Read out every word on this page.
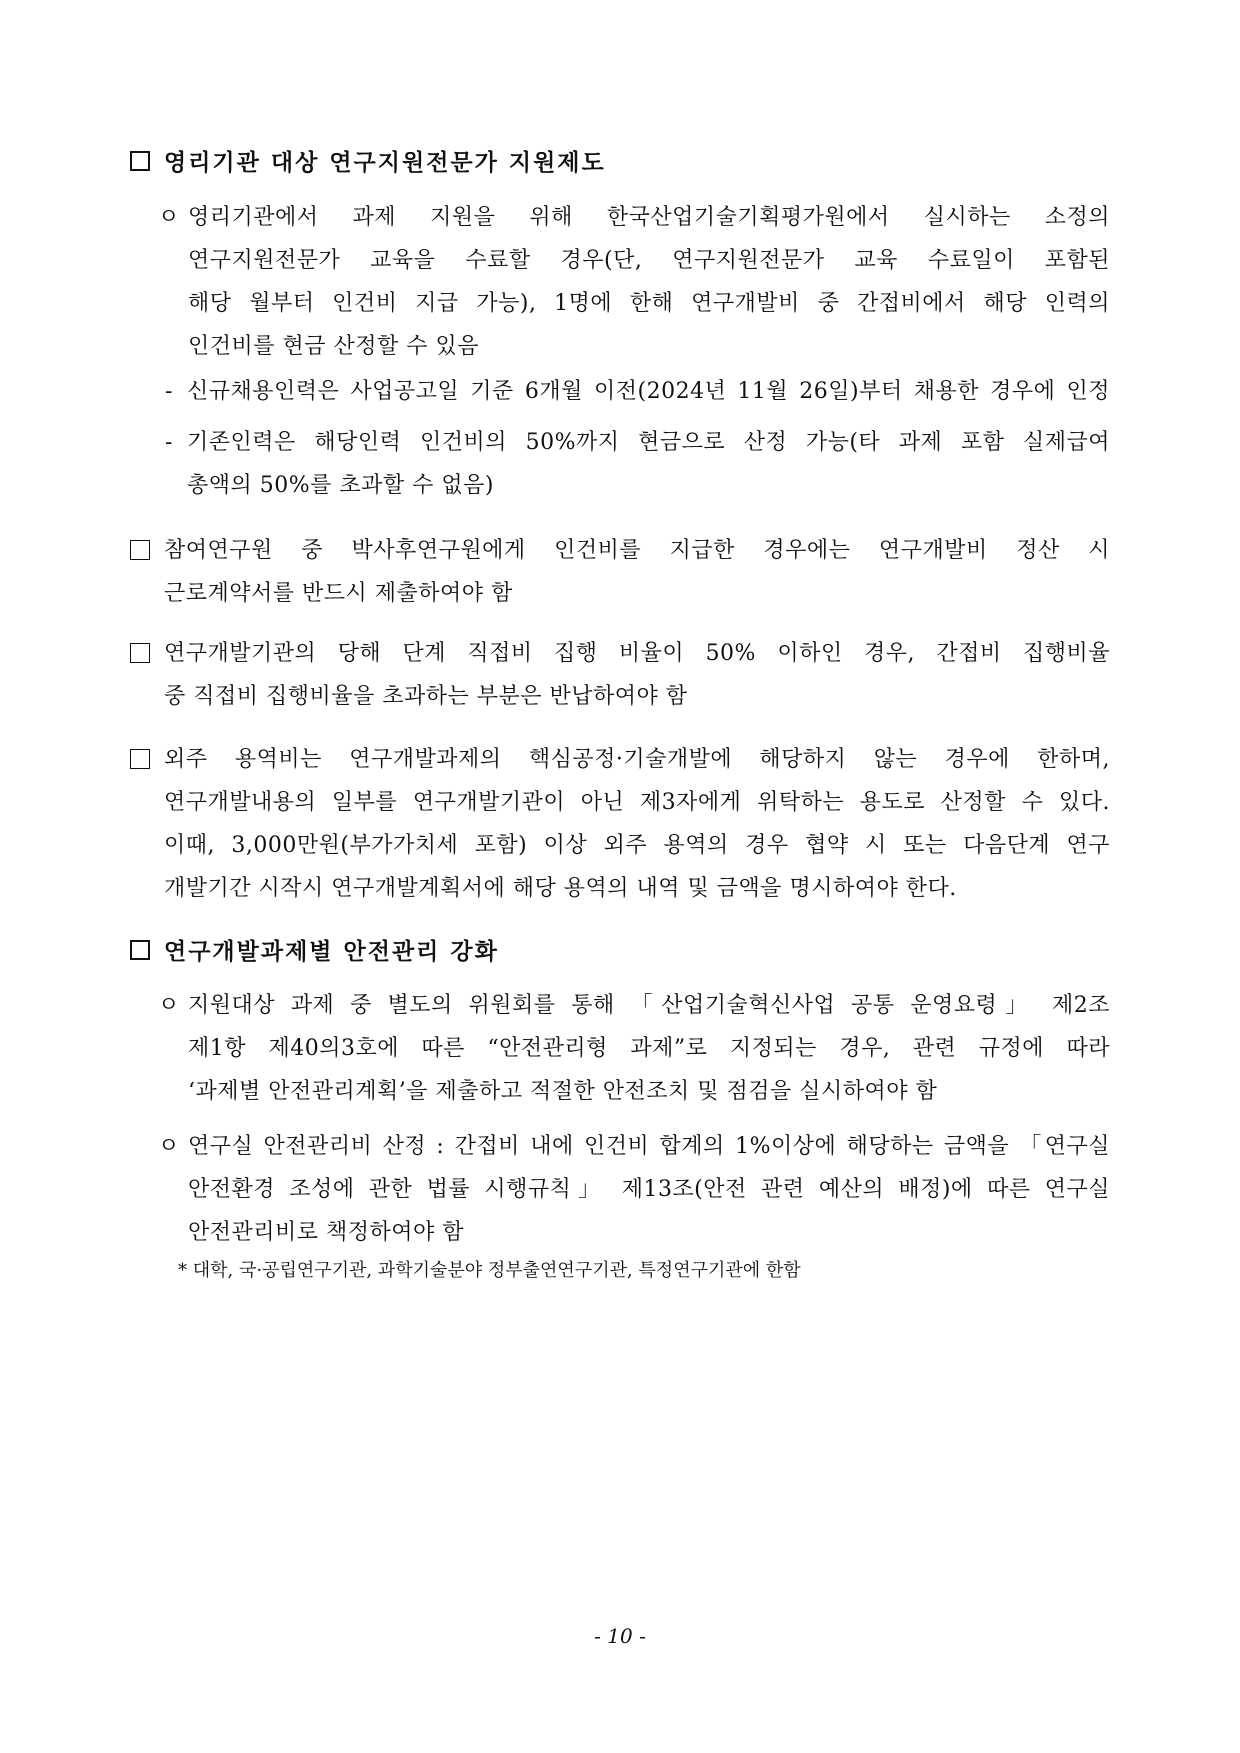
영리기관 대상 연구지원전문가 지원제도
ㅇ 영리기관에서 과제 지원을 위해 한국산업기술기획평가원에서 실시하는 소정의
연구지원전문가 교육을 수료할 경우(단, 연구지원전문가 교육 수료일이 포함된
해당 월부터 인건비 지급 가능), 1명에 한해 연구개발비 중 간접비에서 해당 인력의
인건비를 현금 산정할 수 있음
- 신규채용인력은 사업공고일 기준 6개월 이전(2024년 11월 26일)부터 채용한 경우에 인정
- 기존인력은 해당인력 인건비의 50%까지 현금으로 산정 가능(타 과제 포함 실제급여
총액의 50%를 초과할 수 없음)
참여연구원 중 박사후연구원에게 인건비를 지급한 경우에는 연구개발비 정산 시
근로계약서를 반드시 제출하여야 함
연구개발기관의 당해 단계 직접비 집행 비율이 50% 이하인 경우, 간접비 집행비율
중 직접비 집행비율을 초과하는 부분은 반납하여야 함
외주 용역비는 연구개발과제의 핵심공정·기술개발에 해당하지 않는 경우에 한하며,
연구개발내용의 일부를 연구개발기관이 아닌 제3자에게 위탁하는 용도로 산정할 수 있다.
이때, 3,000만원(부가가치세 포함) 이상 외주 용역의 경우 협약 시 또는 다음단계 연구
개발기간 시작시 연구개발계획서에 해당 용역의 내역 및 금액을 명시하여야 한다.
연구개발과제별 안전관리 강화
ㅇ 지원대상 과제 중 별도의 위원회를 통해 「산업기술혁신사업 공통 운영요령」 제2조
제1항 제40의3호에 따른 “안전관리형 과제”로 지정되는 경우, 관련 규정에 따라
‘과제별 안전관리계획’을 제출하고 적절한 안전조치 및 점검을 실시하여야 함
ㅇ 연구실 안전관리비 산정 : 간접비 내에 인건비 합계의 1%이상에 해당하는 금액을 「연구실
안전환경 조성에 관한 법률 시행규칙」 제13조(안전 관련 예산의 배정)에 따른 연구실
안전관리비로 책정하여야 함
* 대학, 국·공립연구기관, 과학기술분야 정부출연연구기관, 특정연구기관에 한함
- 10 -
